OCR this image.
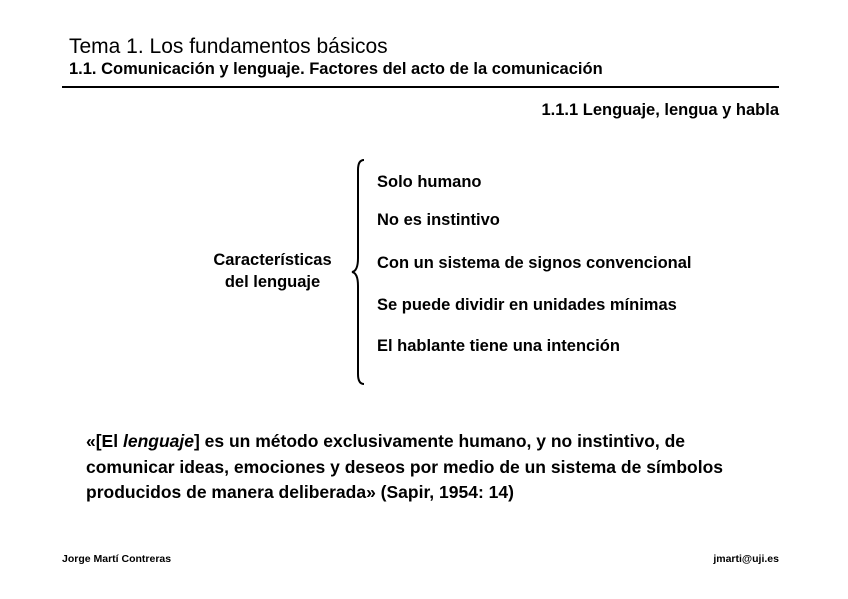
Tema 1. Los fundamentos básicos
1.1. Comunicación y lenguaje. Factores del acto de la comunicación
1.1.1 Lenguaje, lengua y habla
Características
del lenguaje
Solo humano
No es instintivo
Con un sistema de signos convencional
Se puede dividir en unidades mínimas
El hablante tiene una intención
«[El lenguaje] es un método exclusivamente humano, y no instintivo, de comunicar ideas, emociones y deseos por medio de un sistema de símbolos producidos de manera deliberada» (Sapir, 1954: 14)
Jorge Martí Contreras	jmarti@uji.es
